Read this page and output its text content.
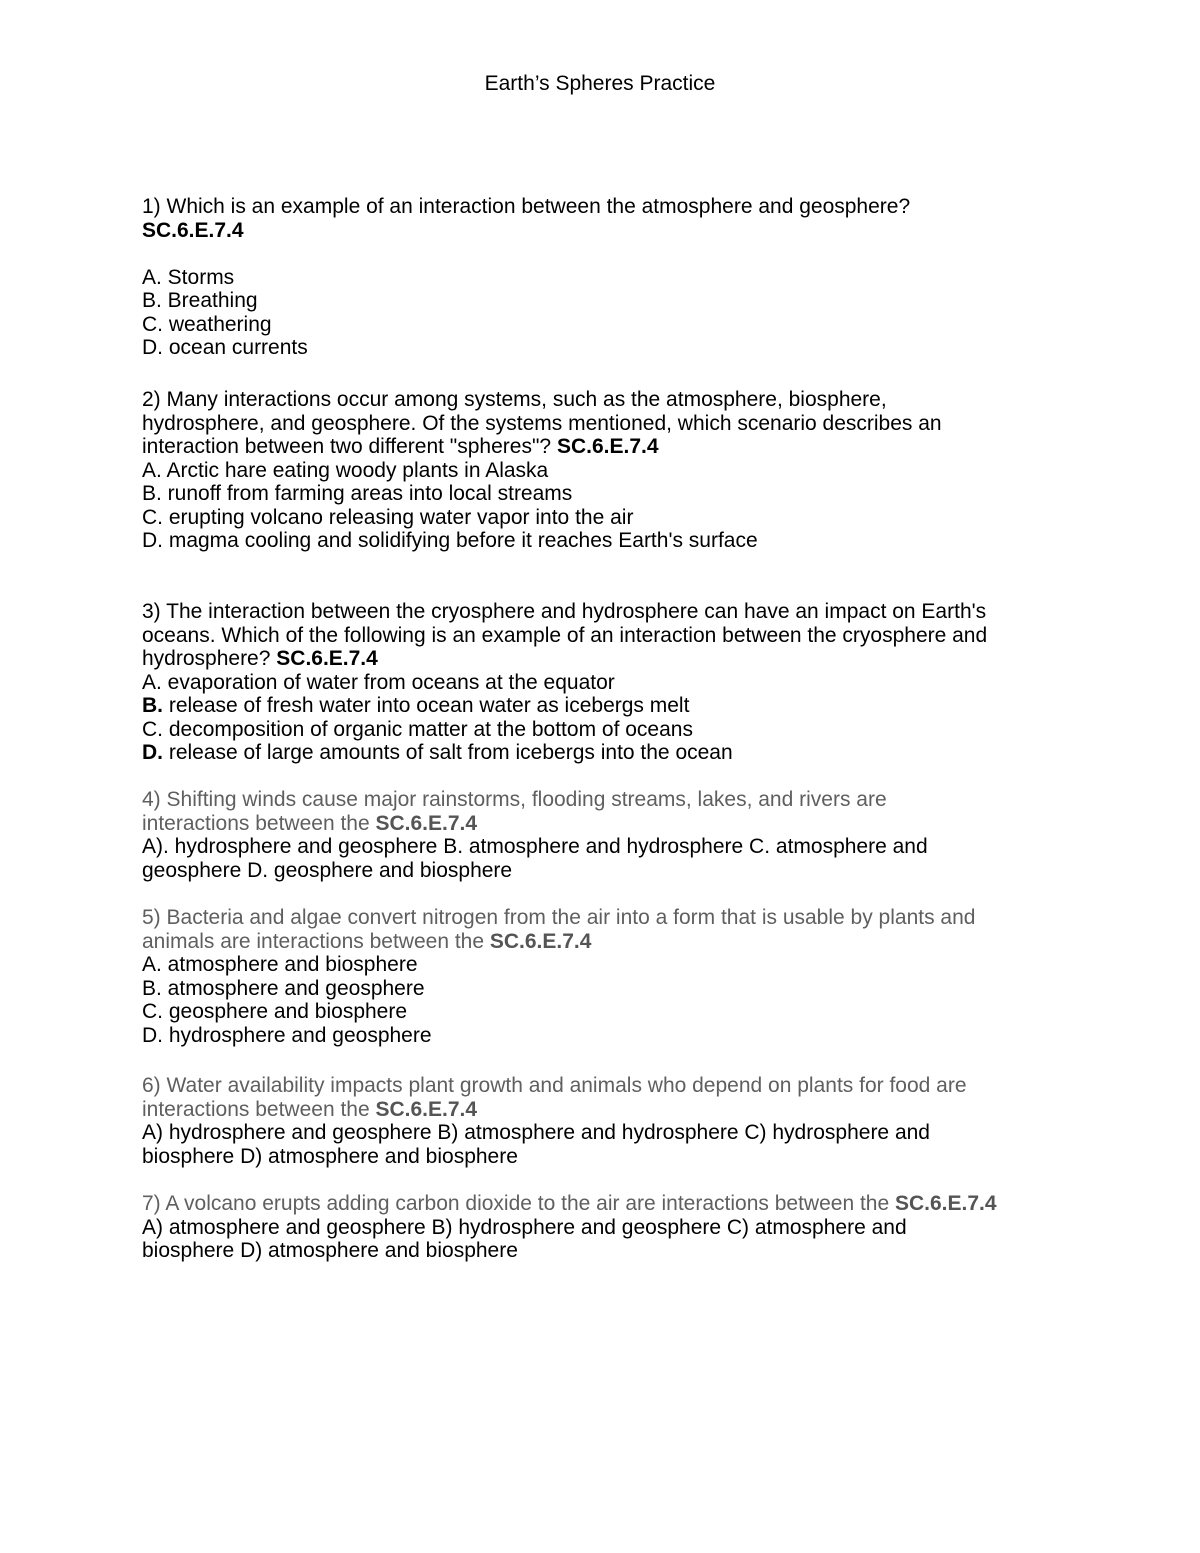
Earth’s Spheres Practice
1) Which is an example of an interaction between the atmosphere and geosphere?
SC.6.E.7.4
A. Storms
B. Breathing
C. weathering
D. ocean currents
2) Many interactions occur among systems, such as the atmosphere, biosphere,
hydrosphere, and geosphere. Of the systems mentioned, which scenario describes an
interaction between two different "spheres"? SC.6.E.7.4
A. Arctic hare eating woody plants in Alaska
B. runoff from farming areas into local streams
C. erupting volcano releasing water vapor into the air
D. magma cooling and solidifying before it reaches Earth's surface
3) The interaction between the cryosphere and hydrosphere can have an impact on Earth's
oceans. Which of the following is an example of an interaction between the cryosphere and
hydrosphere? SC.6.E.7.4
A. evaporation of water from oceans at the equator
B. release of fresh water into ocean water as icebergs melt
C. decomposition of organic matter at the bottom of oceans
D. release of large amounts of salt from icebergs into the ocean
4) Shifting winds cause major rainstorms, flooding streams, lakes, and rivers are
interactions between the SC.6.E.7.4
A). hydrosphere and geosphere B. atmosphere and hydrosphere C. atmosphere and
geosphere D. geosphere and biosphere
5) Bacteria and algae convert nitrogen from the air into a form that is usable by plants and
animals are interactions between the SC.6.E.7.4
A. atmosphere and biosphere
B. atmosphere and geosphere
C. geosphere and biosphere
D. hydrosphere and geosphere
6) Water availability impacts plant growth and animals who depend on plants for food are
interactions between the SC.6.E.7.4
A) hydrosphere and geosphere B) atmosphere and hydrosphere C) hydrosphere and
biosphere D) atmosphere and biosphere
7) A volcano erupts adding carbon dioxide to the air are interactions between the SC.6.E.7.4
A) atmosphere and geosphere B) hydrosphere and geosphere C) atmosphere and
biosphere D) atmosphere and biosphere
